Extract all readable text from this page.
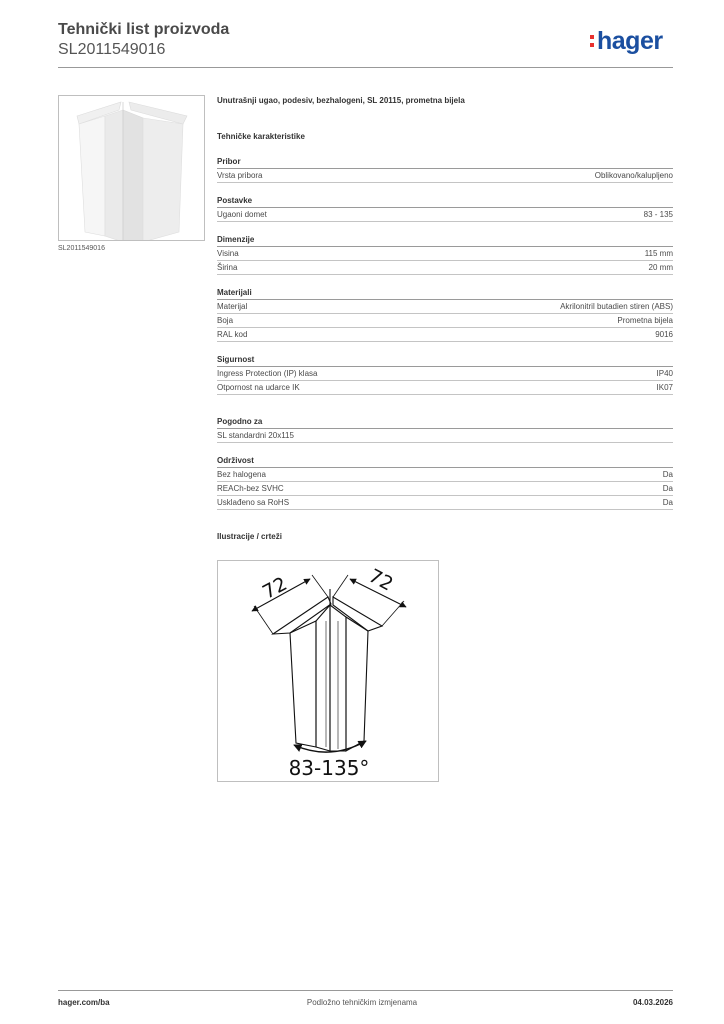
Tehnički list proizvoda
SL2011549016	hager
SL2011549016
Unutrašnji ugao, podesiv, bezhalogeni, SL 20115, prometna bijela
Tehničke karakteristike
Pribor
Vrsta pribora	Oblikovano/kalupljeno
Postavke
Ugaoni domet	83 - 135
Dimenzije
Visina	115 mm
Širina	20 mm
Materijali
Materijal	Akrilonitril butadien stiren (ABS)
Boja	Prometna bijela
RAL kod	9016
Sigurnost
Ingress Protection (IP) klasa	IP40
Otpornost na udarce IK	IK07
Pogodno za
SL standardni 20x115
Održivost
Bez halogena	Da
REACh-bez SVHC	Da
Usklađeno sa RoHS	Da
Ilustracije / crteži
72	72
83-135°
hager.com/ba	Podložno tehničkim izmjenama	04.03.2026
